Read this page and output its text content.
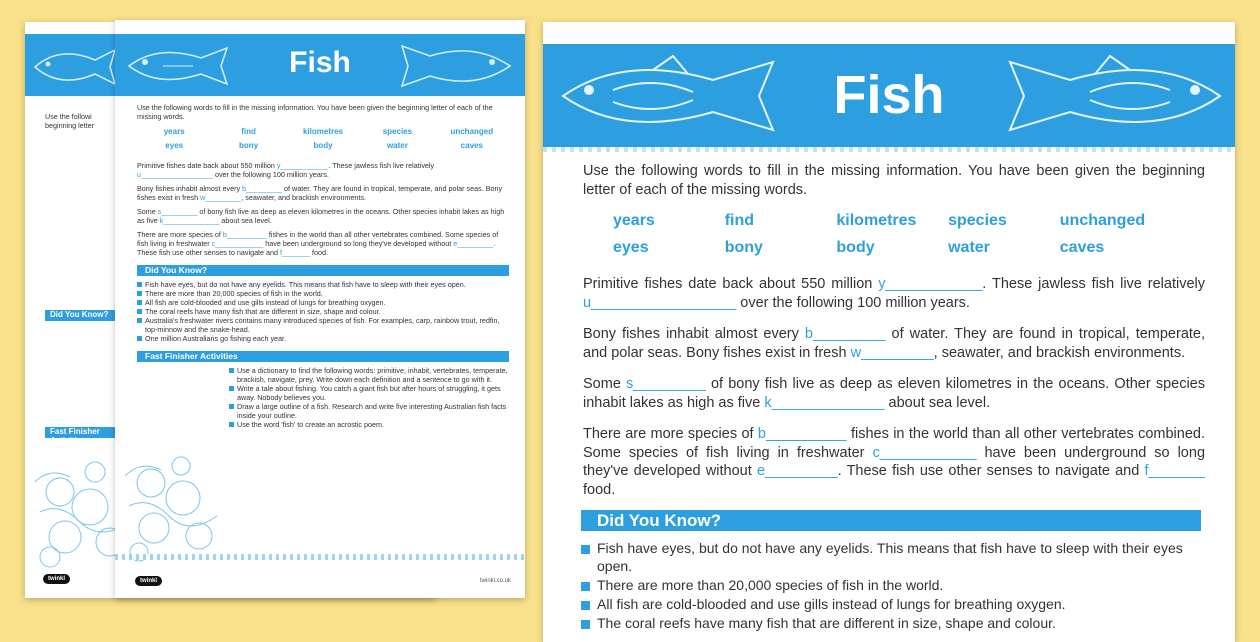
Use the followi beginning letter

Did You Know?
Fast Finisher Activities
twinkl
Fish

Use the following words to fill in the missing information. You have been given the beginning letter of each of the missing words.

years	find	kilometres	species	unchanged
eyes	bony	body	water	caves

Primitive fishes date back about 550 million y____________. These jawless fish live relatively u__________________ over the following 100 million years.

Bony fishes inhabit almost every b_________ of water. They are found in tropical, temperate, and polar seas. Bony fishes exist in fresh w_________, seawater, and brackish environments.

Some s_________ of bony fish live as deep as eleven kilometres in the oceans. Other species inhabit lakes as high as five k______________ about sea level.

There are more species of b__________ fishes in the world than all other vertebrates combined. Some species of fish living in freshwater c____________ have been underground so long they've developed without e_________. These fish use other senses to navigate and f_______ food.

Did You Know?
Fish have eyes, but do not have any eyelids. This means that fish have to sleep with their eyes open.
There are more than 20,000 species of fish in the world.
All fish are cold-blooded and use gills instead of lungs for breathing oxygen.
The coral reefs have many fish that are different in size, shape and colour.
Australia's freshwater rivers contains many introduced species of fish. For examples, carp, rainbow trout, redfin, top-minnow and the snake-head.
One million Australians go fishing each year.
Fast Finisher Activities
Use a dictionary to find the following words: primitive, inhabit, vertebrates, temperate, brackish, navigate, prey. Write down each definition and a sentence to go with it.
Write a tale about fishing. You catch a giant fish but after hours of struggling, it gets away. Nobody believes you.
Draw a large outline of a fish. Research and write five interesting Australian fish facts inside your outline.
Use the word 'fish' to create an acrostic poem.
twinkl	twinkl.co.uk
Fish

Use the following words to fill in the missing information. You have been given the beginning letter of each of the missing words.

years	find	kilometres	species	unchanged
eyes	bony	body	water	caves

Primitive fishes date back about 550 million y____________. These jawless fish live relatively u__________________ over the following 100 million years.

Bony fishes inhabit almost every b_________ of water. They are found in tropical, temperate, and polar seas. Bony fishes exist in fresh w_________, seawater, and brackish environments.

Some s_________ of bony fish live as deep as eleven kilometres in the oceans. Other species inhabit lakes as high as five k______________ about sea level.

There are more species of b__________ fishes in the world than all other vertebrates combined. Some species of fish living in freshwater c____________ have been underground so long they've developed without e_________. These fish use other senses to navigate and f_______ food.

Did You Know?
Fish have eyes, but do not have any eyelids. This means that fish have to sleep with their eyes open.
There are more than 20,000 species of fish in the world.
All fish are cold-blooded and use gills instead of lungs for breathing oxygen.
The coral reefs have many fish that are different in size, shape and colour.
